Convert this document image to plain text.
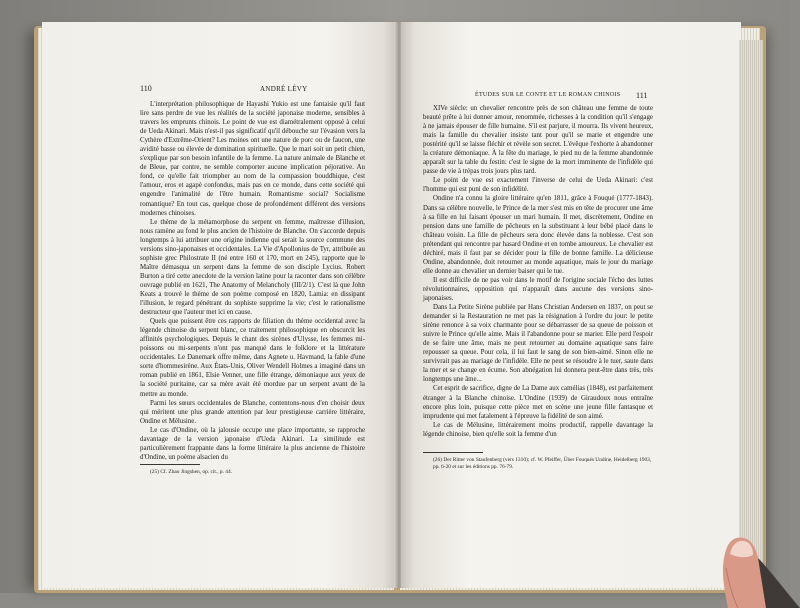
110	ANDRÉ LÉVY

L'interprétation philosophique de Hayashi Yukio est une fantaisie qu'il faut lire sans perdre de vue les réalités de la société japonaise moderne, sensibles à travers les emprunts chinois. Le point de vue est diamétralement opposé à celui de Ueda Akinari. Mais n'est-il pas significatif qu'il débouche sur l'évasion vers la Cythère d'Extrême-Orient? Les moines ont une nature de porc ou de faucon, une avidité basse ou élevée de domination spirituelle. Que le mari soit un petit chien, s'explique par son besoin infantile de la femme. La nature animale de Blanche et de Bleue, par contre, ne semble comporter aucune implication péjorative. Au fond, ce qu'elle fait triompher au nom de la compassion bouddhique, c'est l'amour, eros et agapè confondus, mais pas en ce monde, dans cette société qui engendre l'animalité de l'être humain. Romantisme social? Socialisme romantique? En tout cas, quelque chose de profondément différent des versions modernes chinoises.

Le thème de la métamorphose du serpent en femme, maîtresse d'illusion, nous ramène au fond le plus ancien de l'histoire de Blanche. On s'accorde depuis longtemps à lui attribuer une origine indienne qui serait la source commune des versions sino-japonaises et occidentales. La Vie d'Apollonius de Tyr, attribuée au sophiste grec Philostrate II (né entre 160 et 170, mort en 245), rapporte que le Maître démasqua un serpent dans la femme de son disciple Lycius. Robert Burton a tiré cette anecdote de la version latine pour la raconter dans son célèbre ouvrage publié en 1621, The Anatomy of Melancholy (III/2/1). C'est là que John Keats a trouvé le thème de son poème composé en 1820, Lamia: en dissipant l'illusion, le regard pénétrant du sophiste supprime la vie; c'est le rationalisme destructeur que l'auteur met ici en cause.

Quels que puissent être ces rapports de filiation du thème occidental avec la légende chinoise du serpent blanc, ce traitement philosophique en obscurcit les affinités psychologiques. Depuis le chant des sirènes d'Ulysse, les femmes mi-poissons ou mi-serpents n'ont pas manqué dans le folklore et la littérature occidentales. Le Danemark offre même, dans Agnete u. Havmand, la fable d'une sorte d'hommesirène. Aux États-Unis, Oliver Wendell Holmes a imaginé dans un roman publié en 1861, Elsie Venner, une fille étrange, démoniaque aux yeux de la société puritaine, car sa mère avait été mordue par un serpent avant de la mettre au monde.

Parmi les sœurs occidentales de Blanche, contentons-nous d'en choisir deux qui méritent une plus grande attention par leur prestigieuse carrière littéraire, Ondine et Mélusine.

Le cas d'Ondine, où la jalousie occupe une place importante, se rapproche davantage de la version japonaise d'Ueda Akinari. La similitude est particulièrement frappante dans la forme littéraire la plus ancienne de l'histoire d'Ondine, un poème alsacien du

(25) Cf. Zhao Jingshen, op. cit., p. 44.
ÉTUDES SUR LE CONTE ET LE ROMAN CHINOIS 111

XIVe siècle: un chevalier rencontre près de son château une femme de toute beauté prête à lui donner amour, renommée, richesses à la condition qu'il s'engage à ne jamais épouser de fille humaine. S'il est parjure, il mourra. Ils vivent heureux, mais la famille du chevalier insiste tant pour qu'il se marie et engendre une postérité qu'il se laisse fléchir et révèle son secret. L'évêque l'exhorte à abandonner la créature démoniaque. À la fête du mariage, le pied nu de la femme abandonnée apparaît sur la table du festin: c'est le signe de la mort imminente de l'infidèle qui passe de vie à trépas trois jours plus tard.

Le point de vue est exactement l'inverse de celui de Ueda Akinari: c'est l'homme qui est puni de son infidélité.

Ondine n'a connu la gloire littéraire qu'en 1811, grâce à Fouqué (1777-1843). Dans sa célèbre nouvelle, le Prince de la mer s'est mis en tête de procurer une âme à sa fille en lui faisant épouser un mari humain. Il met, discrètement, Ondine en pension dans une famille de pêcheurs en la substituant à leur bébé placé dans le château voisin. La fille de pêcheurs sera donc élevée dans la noblesse. C'est son prétendant qui rencontre par hasard Ondine et en tombe amoureux. Le chevalier est déchiré, mais il faut par se décider pour la fille de bonne famille. La délicieuse Ondine, abandonnée, doit retourner au monde aquatique, mais le jour du mariage elle donne au chevalier un dernier baiser qui le tue.

Il est difficile de ne pas voir dans le motif de l'origine sociale l'écho des luttes révolutionnaires, opposition qui n'apparaît dans aucune des versions sino-japonaises.

Dans La Petite Sirène publiée par Hans Christian Andersen en 1837, on peut se demander si la Restauration ne met pas la résignation à l'ordre du jour: le petite sirène renonce à sa voix charmante pour se débarrasser de sa queue de poisson et suivre le Prince qu'elle aime. Mais il l'abandonne pour se marier. Elle perd l'espoir de se faire une âme, mais ne peut retourner au domaine aquatique sans faire repousser sa queue. Pour cela, il lui faut le sang de son bien-aimé. Sinon elle ne survivrait pas au mariage de l'infidèle. Elle ne peut se résoudre à le tuer, saute dans la mer et se change en écume. Son abnégation lui donnera peut-être dans très, très longtemps une âme...

Cet esprit de sacrifice, digne de La Dame aux camélias (1848), est parfaitement étranger à la Blanche chinoise. L'Ondine (1939) de Giraudoux nous entraîne encore plus loin, puisque cette pièce met en scène une jeune fille fantasque et imprudente qui met fatalement à l'épreuve la fidélité de son aimé.

Le cas de Mélusine, littérairement moins productif, rappelle davantage la légende chinoise, bien qu'elle soit la femme d'un

(26) Der Ritter von Staufenberg (vers 1310); cf. W. Pfeiffer, Über Fouqués Undine, Heidelberg 1903, pp. 6-20 et sur les éditions pp. 76-79.
